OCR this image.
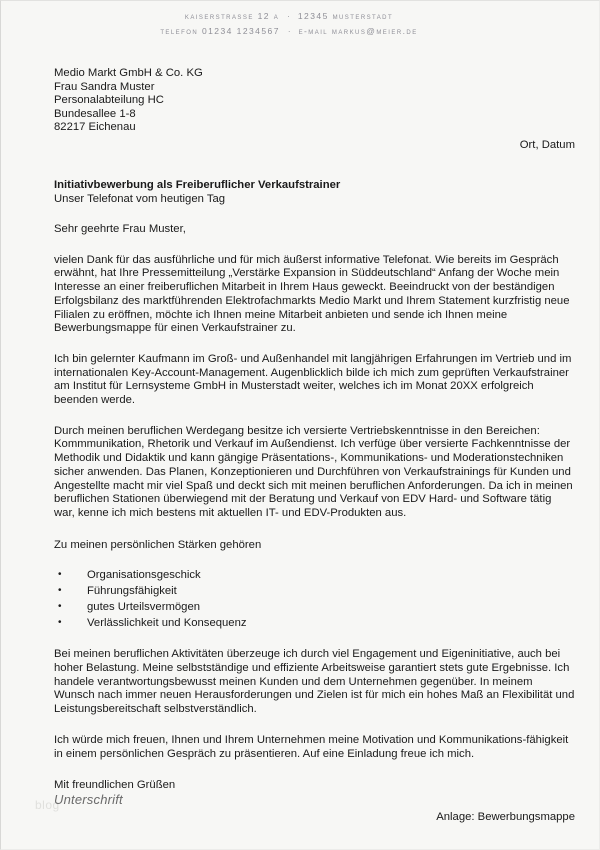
kaiserstrasse 12 a · 12345 musterstadt
telefon 01234 1234567 · e-mail markus@meier.de
Medio Markt GmbH & Co. KG
Frau Sandra Muster
Personalabteilung HC
Bundesallee 1-8
82217 Eichenau
Ort, Datum
Initiativbewerbung als Freiberuflicher Verkaufstrainer
Unser Telefonat vom heutigen Tag
Sehr geehrte Frau Muster,

vielen Dank für das ausführliche und für mich äußerst informative Telefonat. Wie bereits im Gespräch erwähnt, hat Ihre Pressemitteilung „Verstärke Expansion in Süddeutschland“ Anfang der Woche mein Interesse an einer freiberuflichen Mitarbeit in Ihrem Haus geweckt. Beeindruckt von der beständigen Erfolgsbilanz des marktführenden Elektrofachmarkts Medio Markt und Ihrem Statement kurzfristig neue Filialen zu eröffnen, möchte ich Ihnen meine Mitarbeit anbieten und sende ich Ihnen meine Bewerbungsmappe für einen Verkaufstrainer zu.

Ich bin gelernter Kaufmann im Groß- und Außenhandel mit langjährigen Erfahrungen im Vertrieb und im internationalen Key-Account-Management. Augenblicklich bilde ich mich zum geprüften Verkaufstrainer am Institut für Lernsysteme GmbH in Musterstadt weiter, welches ich im Monat 20XX erfolgreich beenden werde.

Durch meinen beruflichen Werdegang besitze ich versierte Vertriebskenntnisse in den Bereichen: Kommmunikation, Rhetorik und Verkauf im Außendienst. Ich verfüge über versierte Fachkenntnisse der Methodik und Didaktik und kann gängige Präsentations-, Kommunikations- und Moderationstechniken sicher anwenden. Das Planen, Konzeptionieren und Durchführen von Verkaufstrainings für Kunden und Angestellte macht mir viel Spaß und deckt sich mit meinen beruflichen Anforderungen. Da ich in meinen beruflichen Stationen überwiegend mit der Beratung und Verkauf von EDV Hard- und Software tätig war, kenne ich mich bestens mit aktuellen IT- und EDV-Produkten aus.

Zu meinen persönlichen Stärken gehören
• Organisationsgeschick
• Führungsfähigkeit
• gutes Urteilsvermögen
• Verlässlichkeit und Konsequenz

Bei meinen beruflichen Aktivitäten überzeuge ich durch viel Engagement und Eigeninitiative, auch bei hoher Belastung. Meine selbstständige und effiziente Arbeitsweise garantiert stets gute Ergebnisse. Ich handele verantwortungsbewusst meinen Kunden und dem Unternehmen gegenüber. In meinem Wunsch nach immer neuen Herausforderungen und Zielen ist für mich ein hohes Maß an Flexibilität und Leistungsbereitschaft selbstverständlich.

Ich würde mich freuen, Ihnen und Ihrem Unternehmen meine Motivation und Kommunikations-fähigkeit in einem persönlichen Gespräch zu präsentieren. Auf eine Einladung freue ich mich.

Mit freundlichen Grüßen
blog
Unterschrift
Anlage: Bewerbungsmappe
